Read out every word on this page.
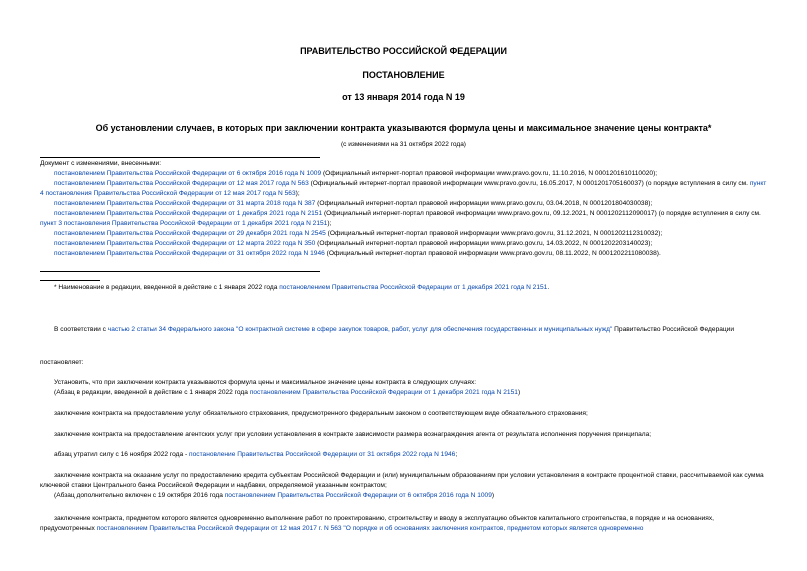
ПРАВИТЕЛЬСТВО РОССИЙСКОЙ ФЕДЕРАЦИИ
ПОСТАНОВЛЕНИЕ
от 13 января 2014 года N 19
Об установлении случаев, в которых при заключении контракта указываются формула цены и максимальное значение цены контракта*
(с изменениями на 31 октября 2022 года)

Документ с изменениями, внесенными:

постановлением Правительства Российской Федерации от 6 октября 2016 года N 1009 (Официальный интернет-портал правовой информации www.pravo.gov.ru, 11.10.2016, N 0001201610110020);

постановлением Правительства Российской Федерации от 12 мая 2017 года N 563 (Официальный интернет-портал правовой информации www.pravo.gov.ru, 16.05.2017, N 0001201705160037) (о порядке вступления в силу см. пункт 4 постановления Правительства Российской Федерации от 12 мая 2017 года N 563);

постановлением Правительства Российской Федерации от 31 марта 2018 года N 387 (Официальный интернет-портал правовой информации www.pravo.gov.ru, 03.04.2018, N 0001201804030038);

постановлением Правительства Российской Федерации от 1 декабря 2021 года N 2151 (Официальный интернет-портал правовой информации www.pravo.gov.ru, 09.12.2021, N 0001202112090017) (о порядке вступления в силу см. пункт 3 постановления Правительства Российской Федерации от 1 декабря 2021 года N 2151);

постановлением Правительства Российской Федерации от 29 декабря 2021 года N 2545 (Официальный интернет-портал правовой информации www.pravo.gov.ru, 31.12.2021, N 0001202112310032);

постановлением Правительства Российской Федерации от 12 марта 2022 года N 350 (Официальный интернет-портал правовой информации www.pravo.gov.ru, 14.03.2022, N 0001202203140023);

постановлением Правительства Российской Федерации от 31 октября 2022 года N 1946 (Официальный интернет-портал правовой информации www.pravo.gov.ru, 08.11.2022, N 0001202211080038).

* Наименование в редакции, введенной в действие с 1 января 2022 года постановлением Правительства Российской Федерации от 1 декабря 2021 года N 2151.
В соответствии с частью 2 статьи 34 Федерального закона "О контрактной системе в сфере закупок товаров, работ, услуг для обеспечения государственных и муниципальных нужд" Правительство Российской Федерации
постановляет:

Установить, что при заключении контракта указываются формула цены и максимальное значение цены контракта в следующих случаях:

(Абзац в редакции, введенной в действие с 1 января 2022 года постановлением Правительства Российской Федерации от 1 декабря 2021 года N 2151)

заключение контракта на предоставление услуг обязательного страхования, предусмотренного федеральным законом о соответствующем виде обязательного страхования;
заключение контракта на предоставление агентских услуг при условии установления в контракте зависимости размера вознаграждения агента от результата исполнения поручения принципала;
абзац утратил силу с 16 ноября 2022 года - постановление Правительства Российской Федерации от 31 октября 2022 года N 1946;

заключение контракта на оказание услуг по предоставлению кредита субъектам Российской Федерации и (или) муниципальным образованиям при условии установления в контракте процентной ставки, рассчитываемой как сумма ключевой ставки Центрального банка Российской Федерации и надбавки, определяемой указанным контрактом;

(Абзац дополнительно включен с 19 октября 2016 года постановлением Правительства Российской Федерации от 6 октября 2016 года N 1009)

заключение контракта, предметом которого является одновременно выполнение работ по проектированию, строительству и вводу в эксплуатацию объектов капитального строительства, в порядке и на основаниях, предусмотренных постановлением Правительства Российской Федерации от 12 мая 2017 г. N 563 "О порядке и об основаниях заключения контрактов, предметом которых является одновременно
